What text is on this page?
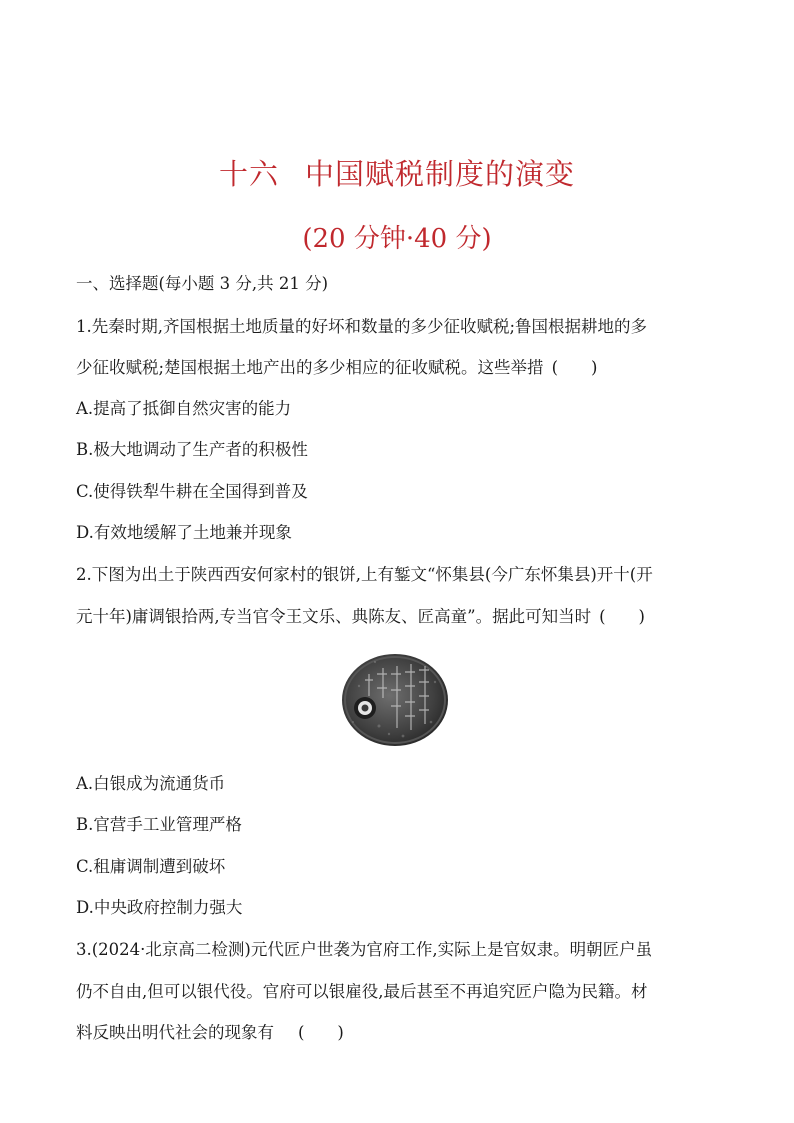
十六 中国赋税制度的演变
(20 分钟·40 分)
一、选择题(每小题 3 分,共 21 分)
1.先秦时期,齐国根据土地质量的好坏和数量的多少征收赋税;鲁国根据耕地的多
少征收赋税;楚国根据土地产出的多少相应的征收赋税。这些举措 (　　)
A.提高了抵御自然灾害的能力
B.极大地调动了生产者的积极性
C.使得铁犁牛耕在全国得到普及
D.有效地缓解了土地兼并现象
2.下图为出土于陕西西安何家村的银饼,上有錾文“怀集县(今广东怀集县)开十(开
元十年)庸调银拾两,专当官令王文乐、典陈友、匠高童”。据此可知当时 (　　)
A.白银成为流通货币
B.官营手工业管理严格
C.租庸调制遭到破坏
D.中央政府控制力强大
3.(2024·北京高二检测)元代匠户世袭为官府工作,实际上是官奴隶。明朝匠户虽
仍不自由,但可以银代役。官府可以银雇役,最后甚至不再追究匠户隐为民籍。材
料反映出明代社会的现象有 (　　)
